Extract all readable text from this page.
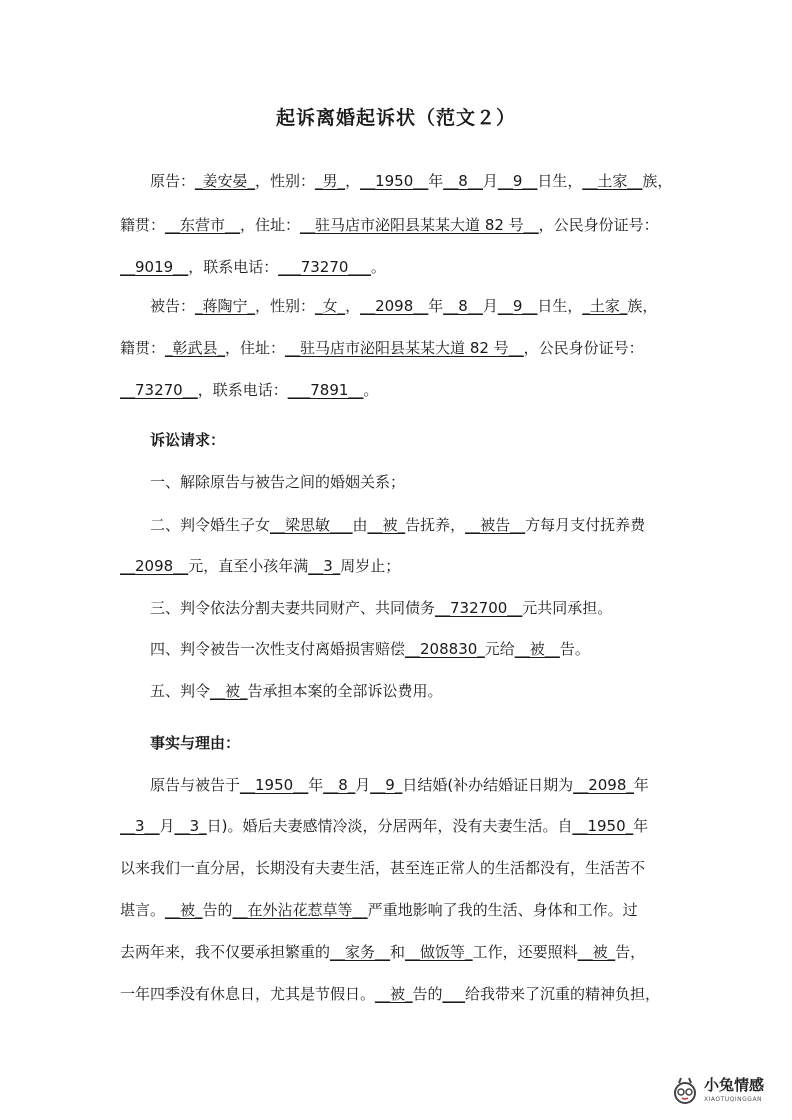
起诉离婚起诉状（范文２）

原告：_姜安晏_，性别：_男_，__1950__年__8__月__9__日生，__土家__族，

籍贯：__东营市__，住址：__驻马店市泌阳县某某大道 82 号__，公民身份证号：

__9019__，联系电话：___73270___。

被告：_蒋陶宁_，性别：_女_，__2098__年__8__月__9__日生，_土家_族，

籍贯：_彰武县_，住址：__驻马店市泌阳县某某大道 82 号__，公民身份证号：

__73270__，联系电话：___7891__。

诉讼请求：

一、解除原告与被告之间的婚姻关系；

二、判令婚生子女__梁思敏___由__被_告抚养，__被告__方每月支付抚养费

__2098__元，直至小孩年满__3_周岁止；

三、判令依法分割夫妻共同财产、共同债务__732700__元共同承担。

四、判令被告一次性支付离婚损害赔偿__208830_元给__被__告。

五、判令__被_告承担本案的全部诉讼费用。

事实与理由：

原告与被告于__1950__年__8_月__9_日结婚(补办结婚证日期为__2098_年

__3__月__3_日)。婚后夫妻感情冷淡，分居两年，没有夫妻生活。自__1950_年

以来我们一直分居，长期没有夫妻生活，甚至连正常人的生活都没有，生活苦不

堪言。__被_告的__在外沾花惹草等__严重地影响了我的生活、身体和工作。过

去两年来，我不仅要承担繁重的__家务__和__做饭等_工作，还要照料__被_告，

一年四季没有休息日，尤其是节假日。__被_告的___给我带来了沉重的精神负担，

小兔情感
XIAOTUQINGGAN
